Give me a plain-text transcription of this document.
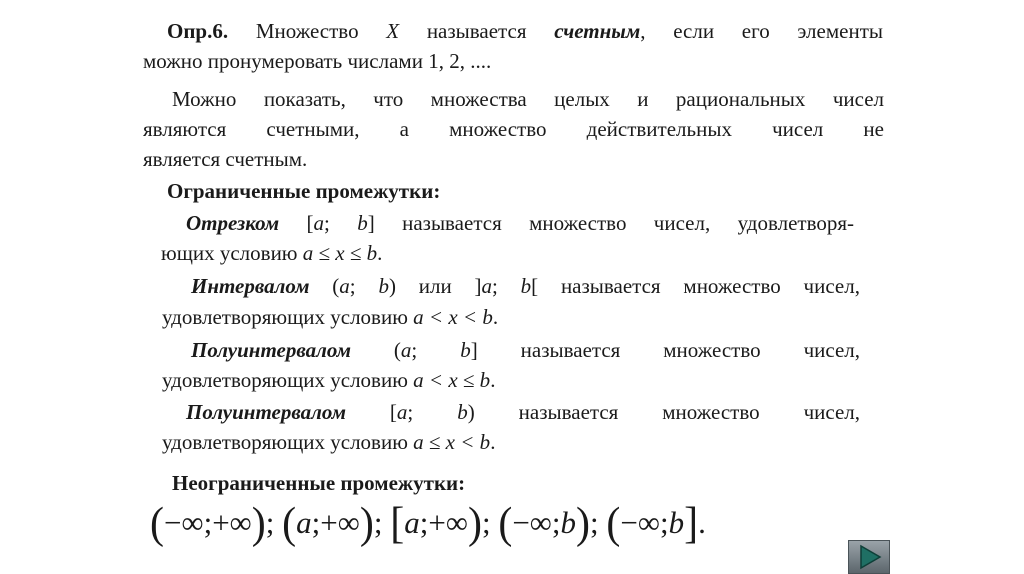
Опр.6. Множество X называется счетным, если его элементы
можно пронумеровать числами 1, 2, ....
Можно показать, что множества целых и рациональных чисел
являются счетными, а множество действительных чисел не
является счетным.
Ограниченные промежутки:
Отрезком [a; b] называется множество чисел, удовлетворя-
ющих условию a ≤ x ≤ b.
Интервалом (a; b) или ]a; b[ называется множество чисел,
удовлетворяющих условию a < x < b.
Полуинтервалом (a; b] называется множество чисел,
удовлетворяющих условию a < x ≤ b.
Полуинтервалом [a; b) называется множество чисел,
удовлетворяющих условию a ≤ x < b.
Неограниченные промежутки:
(−∞;+∞); (a;+∞); [a;+∞); (−∞;b); (−∞;b].
